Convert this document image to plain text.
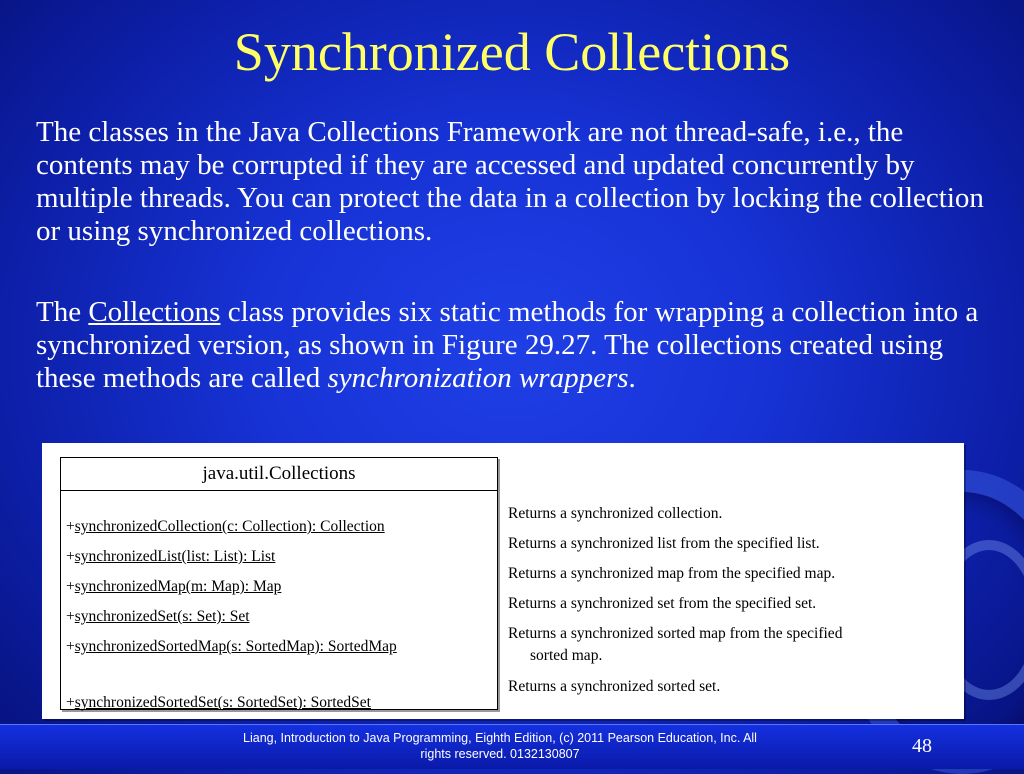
Synchronized Collections
The classes in the Java Collections Framework are not thread-safe, i.e., the contents may be corrupted if they are accessed and updated concurrently by multiple threads. You can protect the data in a collection by locking the collection or using synchronized collections.
The Collections class provides six static methods for wrapping a collection into a synchronized version, as shown in Figure 29.27. The collections created using these methods are called synchronization wrappers.
java.util.Collections
+synchronizedCollection(c: Collection): Collection
+synchronizedList(list: List): List
+synchronizedMap(m: Map): Map
+synchronizedSet(s: Set): Set
+synchronizedSortedMap(s: SortedMap): SortedMap
+synchronizedSortedSet(s: SortedSet): SortedSet
Returns a synchronized collection.
Returns a synchronized list from the specified list.
Returns a synchronized map from the specified map.
Returns a synchronized set from the specified set.
Returns a synchronized sorted map from the specified
sorted map.
Returns a synchronized sorted set.
Liang, Introduction to Java Programming, Eighth Edition, (c) 2011 Pearson Education, Inc. All
rights reserved. 0132130807	48
